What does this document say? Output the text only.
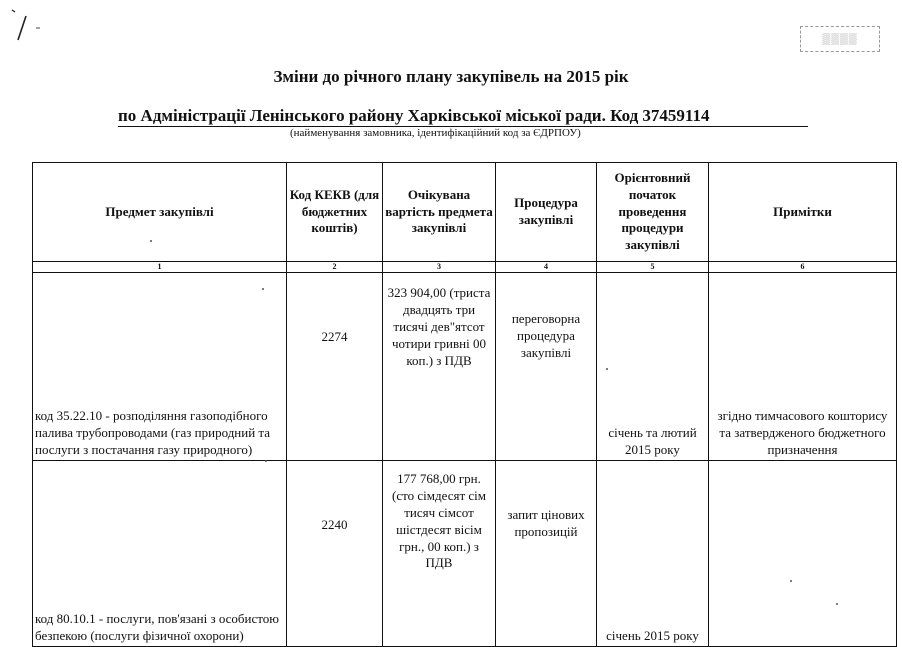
▒▒▒▒
Зміни до річного плану закупівель на 2015 рік
по Адміністрації Ленінського району Харківської міської ради. Код 37459114
(найменування замовника, ідентифікаційний код за ЄДРПОУ)
Предмет закупівлі	Код КЕКВ (для бюджетних коштів)	Очікувана вартість предмета закупівлі	Процедура закупівлі	Орієнтовний початок проведення процедури закупівлі	Примітки
1	2	3	4	5	6
код 35.22.10 - розподіляння газоподібного палива трубопроводами (газ природний та послуги з постачання газу природного)	2274	323 904,00 (триста двадцять три тисячі дев"ятсот чотири гривні 00 коп.) з ПДВ	переговорна процедура закупівлі	січень та лютий 2015 року	згідно тимчасового кошторису та затвердженого бюджетного призначення
код 80.10.1 - послуги, пов'язані з особистою безпекою (послуги фізичної охорони)	2240	177 768,00 грн. (сто сімдесят сім тисяч сімсот шістдесят вісім грн., 00 коп.) з ПДВ	запит цінових пропозицій	січень 2015 року	
